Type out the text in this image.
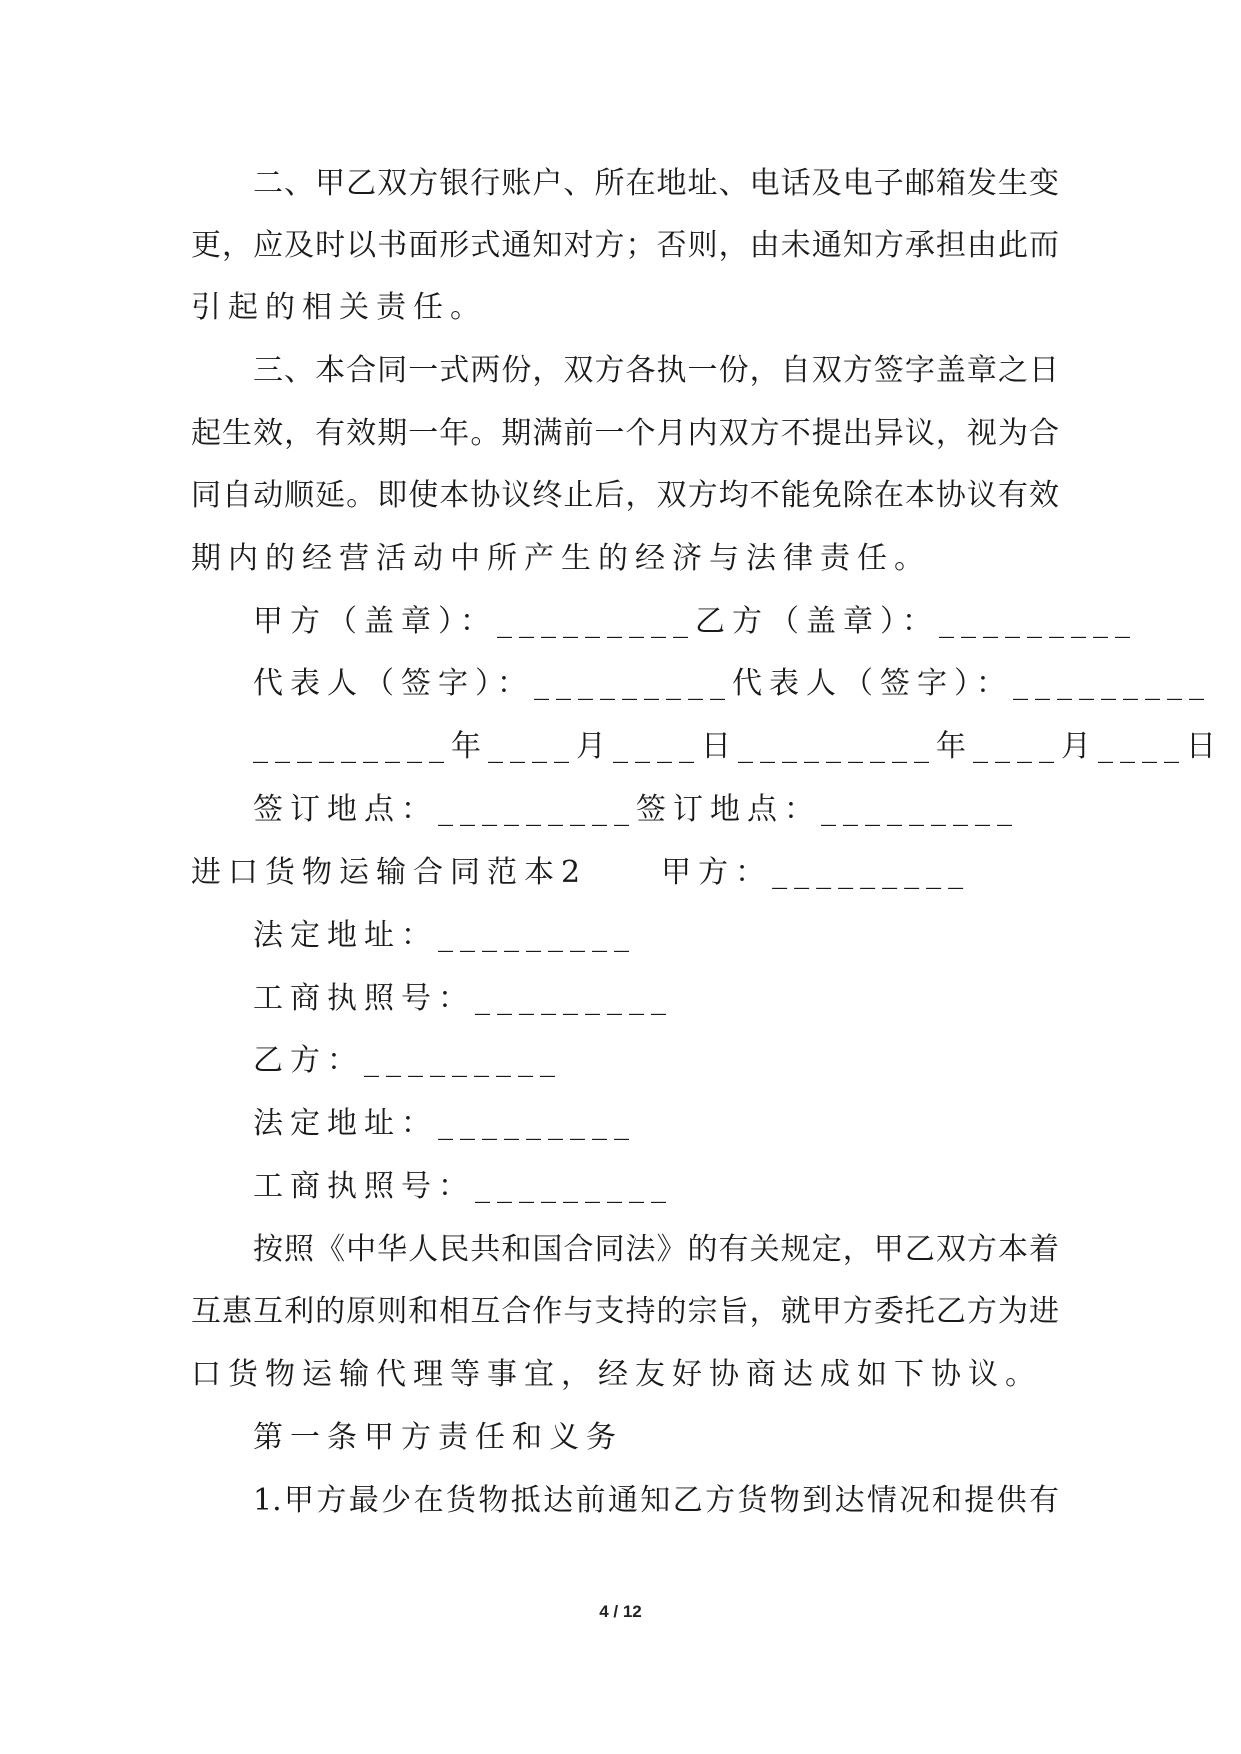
二、甲乙双方银行账户、所在地址、电话及电子邮箱发生变
更，应及时以书面形式通知对方；否则，由未通知方承担由此而
引起的相关责任。
三、本合同一式两份，双方各执一份，自双方签字盖章之日
起生效，有效期一年。期满前一个月内双方不提出异议，视为合
同自动顺延。即使本协议终止后，双方均不能免除在本协议有效
期内的经营活动中所产生的经济与法律责任。
甲方（盖章）：_________乙方（盖章）：_________
代表人（签字）：_________代表人（签字）：_________
_________年____月____日_________年____月____日
签订地点：_________签订地点：_________
进口货物运输合同范本2　　甲方：_________
法定地址：_________
工商执照号：_________
乙方：_________
法定地址：_________
工商执照号：_________
按照《中华人民共和国合同法》的有关规定，甲乙双方本着
互惠互利的原则和相互合作与支持的宗旨，就甲方委托乙方为进
口货物运输代理等事宜，经友好协商达成如下协议。
第一条甲方责任和义务
1.甲方最少在货物抵达前通知乙方货物到达情况和提供有
4 / 12
